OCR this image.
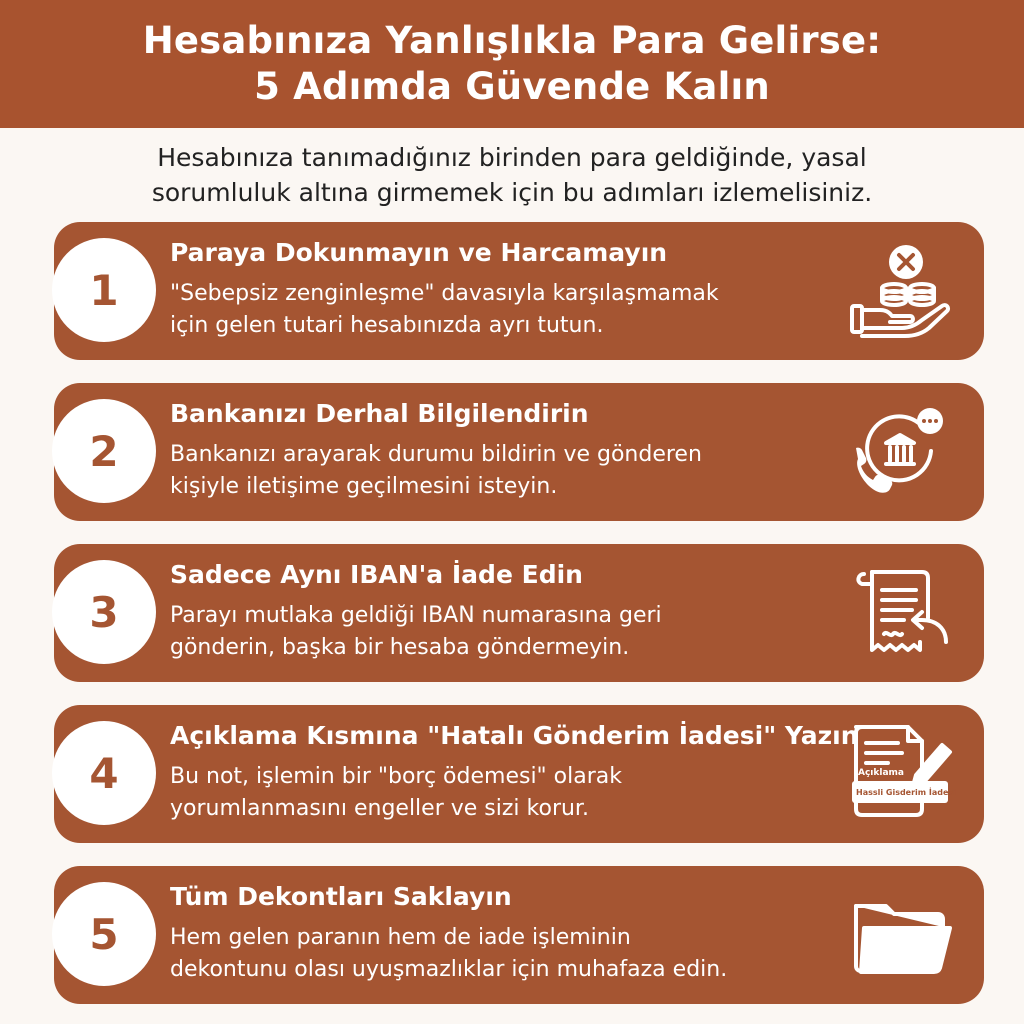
Hesabınıza Yanlışlıkla Para Gelirse:
5 Adımda Güvende Kalın
Hesabınıza tanımadığınız birinden para geldiğinde, yasal
sorumluluk altına girmemek için bu adımları izlemelisiniz.
1
Paraya Dokunmayın ve Harcamayın
"Sebepsiz zenginleşme" davasıyla karşılaşmamak
için gelen tutari hesabınızda ayrı tutun.
2
Bankanızı Derhal Bilgilendirin
Bankanızı arayarak durumu bildirin ve gönderen
kişiyle iletişime geçilmesini isteyin.
3
Sadece Aynı IBAN'a İade Edin
Parayı mutlaka geldiği IBAN numarasına geri
gönderin, başka bir hesaba göndermeyin.
4
Açıklama Kısmına "Hatalı Gönderim İadesi" Yazın
Bu not, işlemin bir "borç ödemesi" olarak
yorumlanmasını engeller ve sizi korur.
Açıklama
Hassli Gisderim İadesi
5
Tüm Dekontları Saklayın
Hem gelen paranın hem de iade işleminin
dekontunu olası uyuşmazlıklar için muhafaza edin.
